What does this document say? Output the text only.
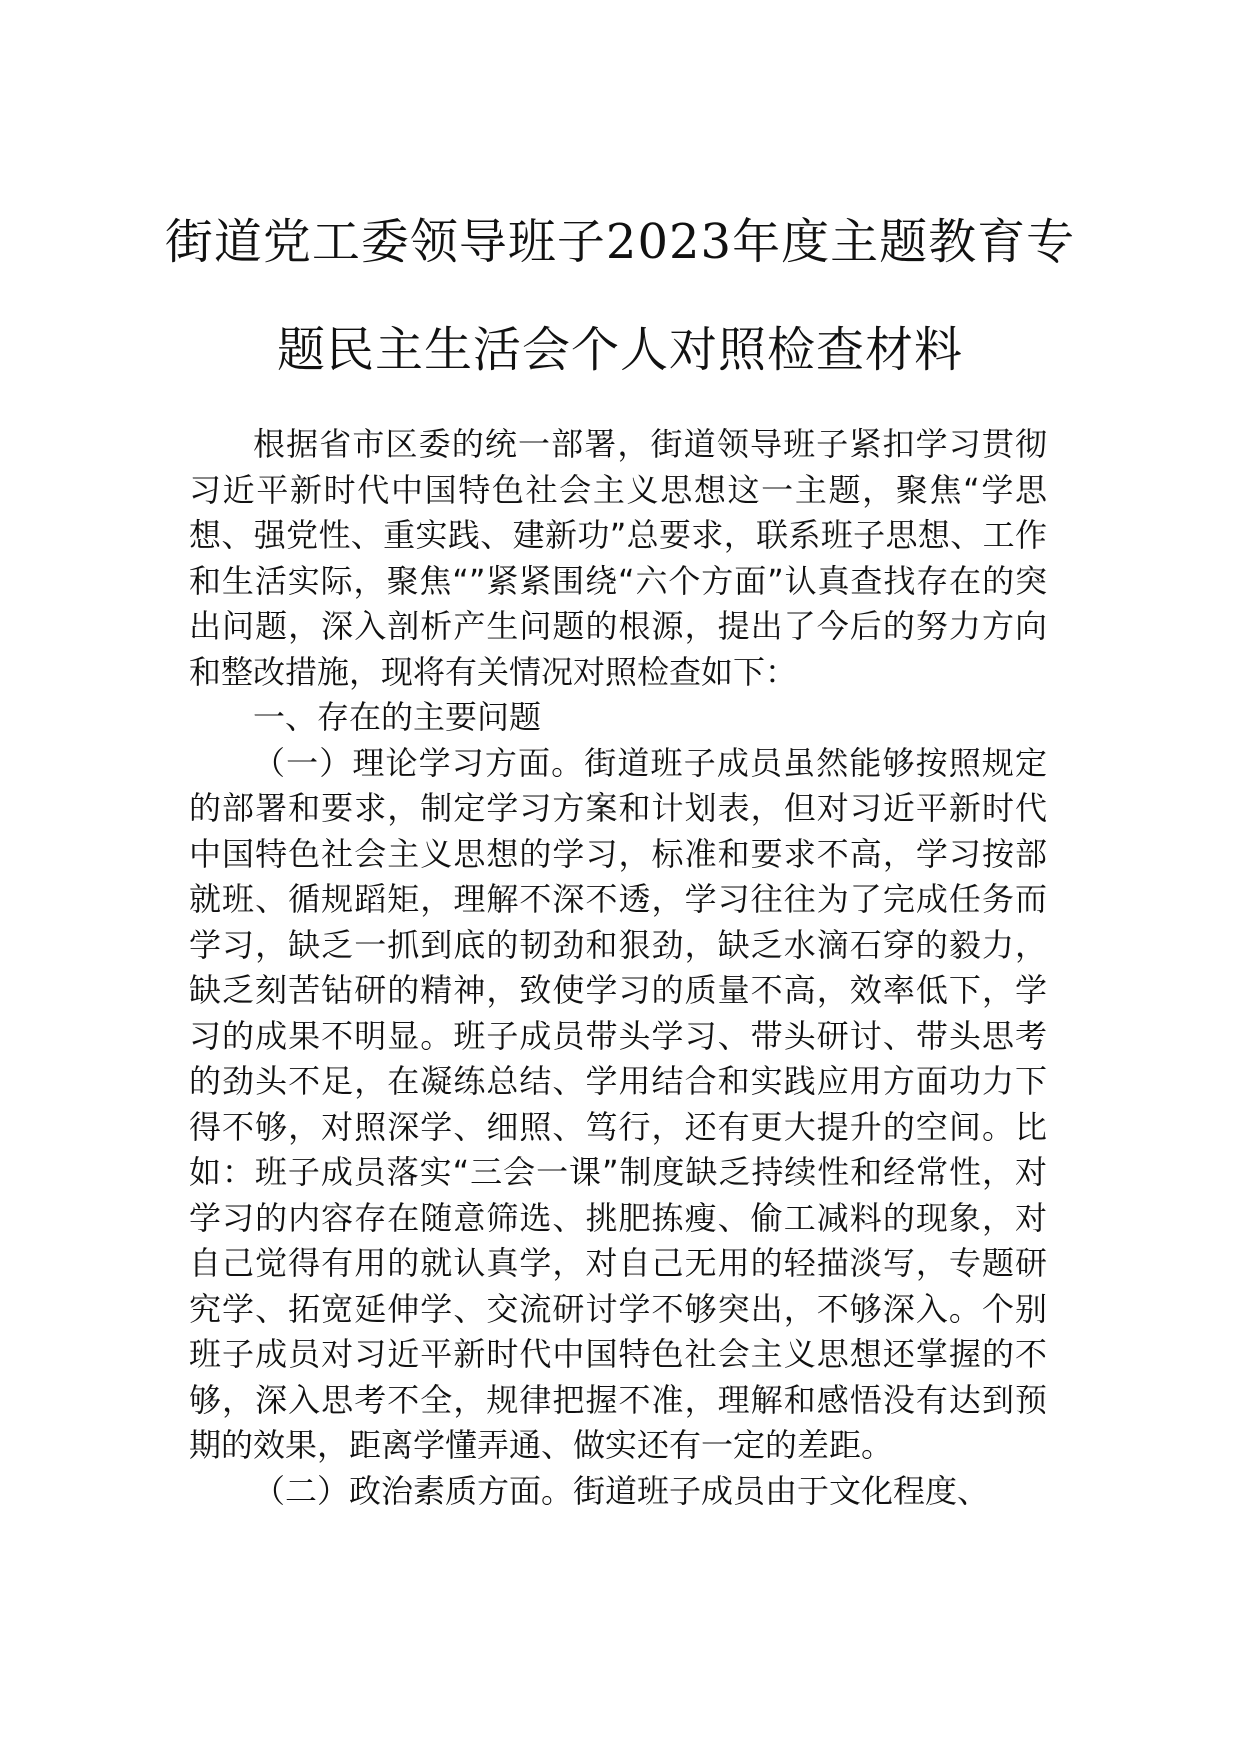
街道党工委领导班子2023年度主题教育专
题民主生活会个人对照检查材料

根据省市区委的统一部署，街道领导班子紧扣学习贯彻习近平新时代中国特色社会主义思想这一主题，聚焦“学思想、强党性、重实践、建新功”总要求，联系班子思想、工作和生活实际，聚焦“”紧紧围绕“六个方面”认真查找存在的突出问题，深入剖析产生问题的根源，提出了今后的努力方向和整改措施，现将有关情况对照检查如下：

一、存在的主要问题

（一）理论学习方面。街道班子成员虽然能够按照规定的部署和要求，制定学习方案和计划表，但对习近平新时代中国特色社会主义思想的学习，标准和要求不高，学习按部就班、循规蹈矩，理解不深不透，学习往往为了完成任务而学习，缺乏一抓到底的韧劲和狠劲，缺乏水滴石穿的毅力，缺乏刻苦钻研的精神，致使学习的质量不高，效率低下，学习的成果不明显。班子成员带头学习、带头研讨、带头思考的劲头不足，在凝练总结、学用结合和实践应用方面功力下得不够，对照深学、细照、笃行，还有更大提升的空间。比如：班子成员落实“三会一课”制度缺乏持续性和经常性，对学习的内容存在随意筛选、挑肥拣瘦、偷工减料的现象，对自己觉得有用的就认真学，对自己无用的轻描淡写，专题研究学、拓宽延伸学、交流研讨学不够突出，不够深入。个别班子成员对习近平新时代中国特色社会主义思想还掌握的不够，深入思考不全，规律把握不准，理解和感悟没有达到预期的效果，距离学懂弄通、做实还有一定的差距。

（二）政治素质方面。街道班子成员由于文化程度、
